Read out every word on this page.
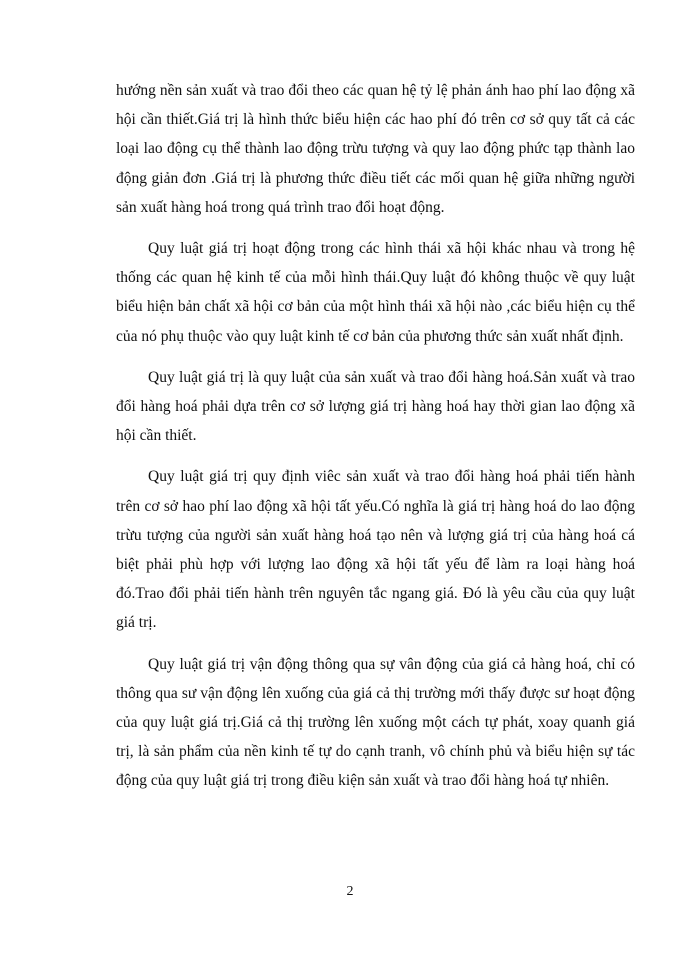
hướng nền sản xuất và trao đổi theo các quan hệ tỷ lệ phản ánh hao phí lao động xã hội cần thiết.Giá trị là hình thức biểu hiện các hao phí đó trên cơ sở quy tất cả các loại lao động cụ thể thành lao động trừu tượng và quy lao động phức tạp thành lao động giản đơn .Giá trị là phương thức điều tiết các mối quan hệ giữa những người sản xuất hàng hoá trong quá trình trao đổi hoạt động.

Quy luật giá trị hoạt động trong các hình thái xã hội khác nhau và trong hệ thống các quan hệ kinh tế của mỗi hình thái.Quy luật đó không thuộc về quy luật biểu hiện bản chất xã hội cơ bản của một hình thái xã hội nào ,các biểu hiện cụ thể của nó phụ thuộc vào quy luật kinh tế cơ bản của phương thức sản xuất nhất định.

Quy luật giá trị là quy luật của sản xuất và trao đổi hàng hoá.Sản xuất và trao đổi hàng hoá phải dựa trên cơ sở lượng giá trị hàng hoá hay thời gian lao động xã hội cần thiết.

Quy luật giá trị quy định viêc sản xuất và trao đổi hàng hoá phải tiến hành trên cơ sở hao phí lao động xã hội tất yếu.Có nghĩa là giá trị hàng hoá do lao động trừu tượng của người sản xuất hàng hoá tạo nên và lượng giá trị của hàng hoá cá biệt phải phù hợp với lượng lao động xã hội tất yếu để làm ra loại hàng hoá đó.Trao đổi phải tiến hành trên nguyên tắc ngang giá. Đó là yêu cầu của quy luật giá trị.

Quy luật giá trị vận động thông qua sự vân động của giá cả hàng hoá, chỉ có thông qua sư vận động lên xuống của giá cả thị trường mới thấy được sư hoạt động của quy luật giá trị.Giá cả thị trường lên xuống một cách tự phát, xoay quanh giá trị, là sản phẩm của nền kinh tế tự do cạnh tranh, vô chính phủ và biểu hiện sự tác động của quy luật giá trị trong điều kiện sản xuất và trao đổi hàng hoá tự nhiên.

2
